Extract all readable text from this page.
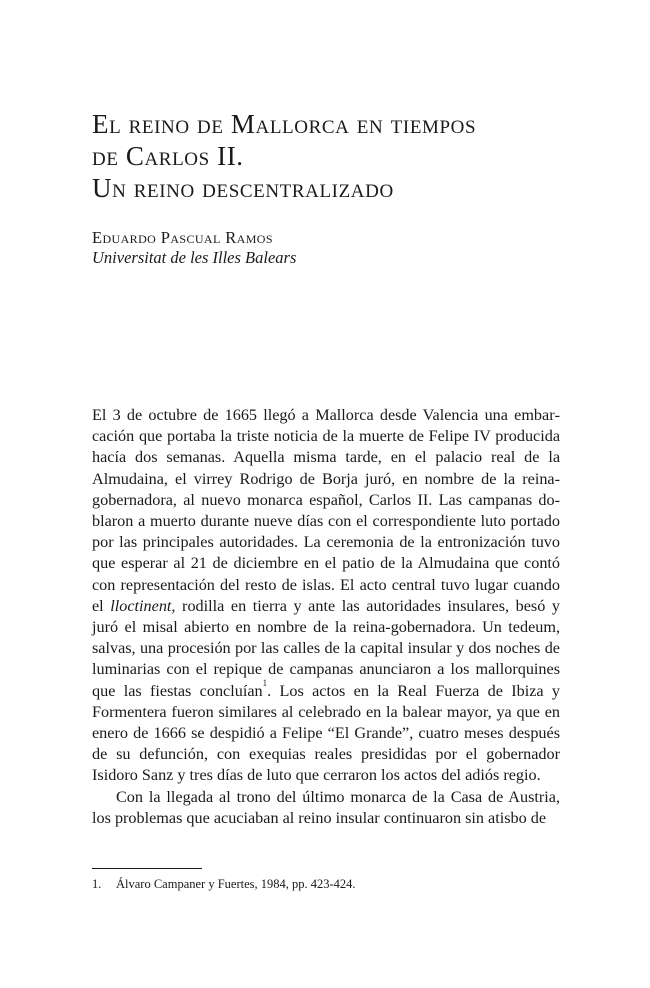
El reino de Mallorca en tiempos
de Carlos II.
Un reino descentralizado
Eduardo Pascual Ramos
Universitat de les Illes Balears

El 3 de octubre de 1665 llegó a Mallorca desde Valencia una embarcación que portaba la triste noticia de la muerte de Felipe IV producida hacía dos semanas. Aquella misma tarde, en el palacio real de la Almudaina, el virrey Rodrigo de Borja juró, en nombre de la reina-gobernadora, al nuevo monarca español, Carlos II. Las campanas doblaron a muerto durante nueve días con el correspondiente luto portado por las principales autoridades. La ceremonia de la entronización tuvo que esperar al 21 de diciembre en el patio de la Almudaina que contó con representación del resto de islas. El acto central tuvo lugar cuando el lloctinent, rodilla en tierra y ante las autoridades insulares, besó y juró el misal abierto en nombre de la reina-gobernadora. Un tedeum, salvas, una procesión por las calles de la capital insular y dos noches de luminarias con el repique de campanas anunciaron a los mallorquines que las fiestas concluían$^1$. Los actos en la Real Fuerza de Ibiza y Formentera fueron similares al celebrado en la balear mayor, ya que en enero de 1666 se despidió a Felipe “El Grande”, cuatro meses después de su defunción, con exequias reales presididas por el gobernador Isidoro Sanz y tres días de luto que cerraron los actos del adiós regio.

Con la llegada al trono del último monarca de la Casa de Austria, los problemas que acuciaban al reino insular continuaron sin atisbo de

1. Álvaro Campaner y Fuertes, 1984, pp. 423-424.
